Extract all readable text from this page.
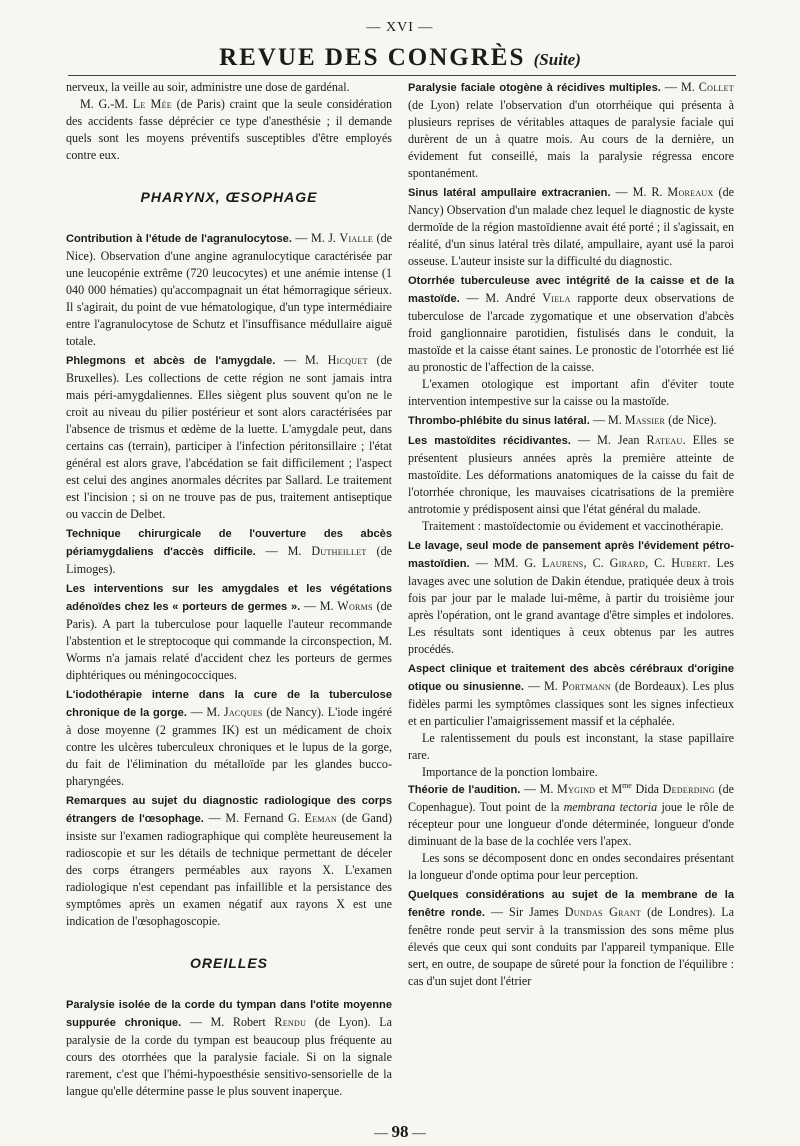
— XVI —
REVUE DES CONGRÈS (Suite)

nerveux, la veille au soir, administre une dose de gardénal.

M. G.-M. Le Mée (de Paris) craint que la seule considération des accidents fasse déprécier ce type d'anesthésie ; il demande quels sont les moyens préventifs susceptibles d'être employés contre eux.

PHARYNX, ŒSOPHAGE

Contribution à l'étude de l'agranulocytose. — M. J. Vialle (de Nice). Observation d'une angine agranulocytique caractérisée par une leucopénie extrême (720 leucocytes) et une anémie intense (1 040 000 hématies) qu'accompagnait un état hémorragique sérieux. Il s'agirait, du point de vue hématologique, d'un type intermédiaire entre l'agranulocytose de Schutz et l'insuffisance médullaire aiguë totale.

Phlegmons et abcès de l'amygdale. — M. Hicquet (de Bruxelles). Les collections de cette région ne sont jamais intra mais péri-amygdaliennes. Elles siègent plus souvent qu'on ne le croit au niveau du pilier postérieur et sont alors caractérisées par l'absence de trismus et œdème de la luette. L'amygdale peut, dans certains cas (terrain), participer à l'infection péritonsillaire ; l'état général est alors grave, l'abcédation se fait difficilement ; l'aspect est celui des angines anormales décrites par Sallard. Le traitement est l'incision ; si on ne trouve pas de pus, traitement antiseptique ou vaccin de Delbet.

Technique chirurgicale de l'ouverture des abcès périamygdaliens d'accès difficile. — M. Dutheillet (de Limoges).

Les interventions sur les amygdales et les végétations adénoïdes chez les « porteurs de germes ». — M. Worms (de Paris). A part la tuberculose pour laquelle l'auteur recommande l'abstention et le streptocoque qui commande la circonspection, M. Worms n'a jamais relaté d'accident chez les porteurs de germes diphtériques ou méningococciques.

L'iodothérapie interne dans la cure de la tuberculose chronique de la gorge. — M. Jacques (de Nancy). L'iode ingéré à dose moyenne (2 grammes IK) est un médicament de choix contre les ulcères tuberculeux chroniques et le lupus de la gorge, du fait de l'élimination du métalloïde par les glandes bucco-pharyngées.

Remarques au sujet du diagnostic radiologique des corps étrangers de l'œsophage. — M. Fernand G. Eeman (de Gand) insiste sur l'examen radiographique qui complète heureusement la radioscopie et sur les détails de technique permettant de déceler des corps étrangers perméables aux rayons X. L'examen radiologique n'est cependant pas infaillible et la persistance des symptômes après un examen négatif aux rayons X est une indication de l'œsophagoscopie.

OREILLES

Paralysie isolée de la corde du tympan dans l'otite moyenne suppurée chronique. — M. Robert Rendu (de Lyon). La paralysie de la corde du tympan est beaucoup plus fréquente au cours des otorrhées que la paralysie faciale. Si on la signale rarement, c'est que l'hémi-hypoesthésie sensitivo-sensorielle de la langue qu'elle détermine passe le plus souvent inaperçue.

Paralysie faciale otogène à récidives multiples. — M. Collet (de Lyon) relate l'observation d'un otorrhéique qui présenta à plusieurs reprises de véritables attaques de paralysie faciale qui durèrent de un à quatre mois. Au cours de la dernière, un évidement fut conseillé, mais la paralysie régressa encore spontanément.

Sinus latéral ampullaire extracranien. — M. R. Moreaux (de Nancy) Observation d'un malade chez lequel le diagnostic de kyste dermoïde de la région mastoïdienne avait été porté ; il s'agissait, en réalité, d'un sinus latéral très dilaté, ampullaire, ayant usé la paroi osseuse. L'auteur insiste sur la difficulté du diagnostic.

Otorrhée tuberculeuse avec intégrité de la caisse et de la mastoïde. — M. André Viela rapporte deux observations de tuberculose de l'arcade zygomatique et une observation d'abcès froid ganglionnaire parotidien, fistulisés dans le conduit, la mastoïde et la caisse étant saines. Le pronostic de l'otorrhée est lié au pronostic de l'affection de la caisse.

L'examen otologique est important afin d'éviter toute intervention intempestive sur la caisse ou la mastoïde.

Thrombo-phlébite du sinus latéral. — M. Massier (de Nice).

Les mastoïdites récidivantes. — M. Jean Rateau. Elles se présentent plusieurs années après la première atteinte de mastoïdite. Les déformations anatomiques de la caisse du fait de l'otorrhée chronique, les mauvaises cicatrisations de la première antrotomie y prédisposent ainsi que l'état général du malade.

Traitement : mastoïdectomie ou évidement et vaccinothérapie.

Le lavage, seul mode de pansement après l'évidement pétro-mastoïdien. — MM. G. Laurens, C. Girard, C. Hubert. Les lavages avec une solution de Dakin étendue, pratiquée deux à trois fois par jour par le malade lui-même, à partir du troisième jour après l'opération, ont le grand avantage d'être simples et indolores. Les résultats sont identiques à ceux obtenus par les autres procédés.

Aspect clinique et traitement des abcès cérébraux d'origine otique ou sinusienne. — M. Portmann (de Bordeaux). Les plus fidèles parmi les symptômes classiques sont les signes infectieux et en particulier l'amaigrissement massif et la céphalée.

Le ralentissement du pouls est inconstant, la stase papillaire rare.

Importance de la ponction lombaire.

Théorie de l'audition. — M. Mygind et $M^{me}$ Dida Dederding (de Copenhague). Tout point de la membrana tectoria joue le rôle de récepteur pour une longueur d'onde déterminée, longueur d'onde diminuant de la base de la cochlée vers l'apex.

Les sons se décomposent donc en ondes secondaires présentant la longueur d'onde optima pour leur perception.

Quelques considérations au sujet de la membrane de la fenêtre ronde. — Sir James Dundas Grant (de Londres). La fenêtre ronde peut servir à la transmission des sons même plus élevés que ceux qui sont conduits par l'appareil tympanique. Elle sert, en outre, de soupape de sûreté pour la fonction de l'équilibre : cas d'un sujet dont l'étrier

— 98 —
